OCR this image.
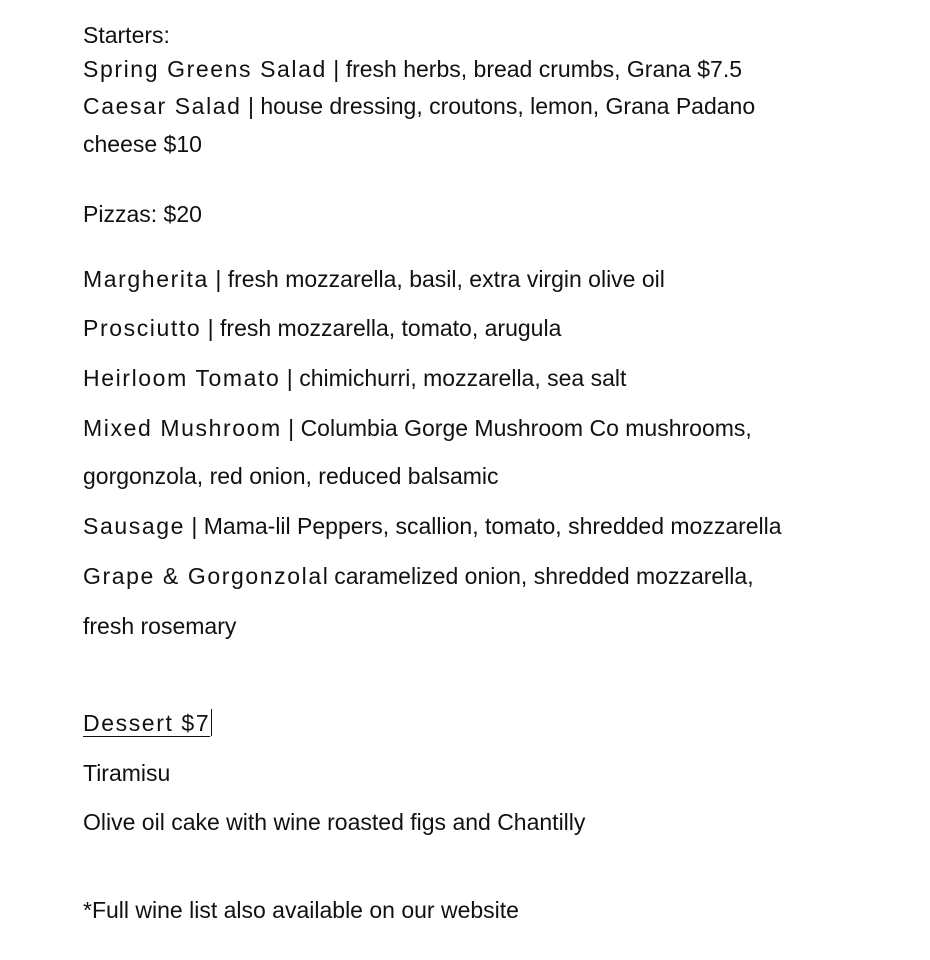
Starters:
Spring Greens Salad | fresh herbs, bread crumbs, Grana $7.5
Caesar Salad | house dressing, croutons, lemon, Grana Padano
cheese $10
Pizzas: $20
Margherita | fresh mozzarella, basil, extra virgin olive oil
Prosciutto | fresh mozzarella, tomato, arugula
Heirloom Tomato | chimichurri, mozzarella, sea salt
Mixed Mushroom | Columbia Gorge Mushroom Co mushrooms,
gorgonzola, red onion, reduced balsamic
Sausage | Mama-lil Peppers, scallion, tomato, shredded mozzarella
Grape & Gorgonzolal caramelized onion, shredded mozzarella,
fresh rosemary
Dessert $7
Tiramisu
Olive oil cake with wine roasted figs and Chantilly
*Full wine list also available on our website
